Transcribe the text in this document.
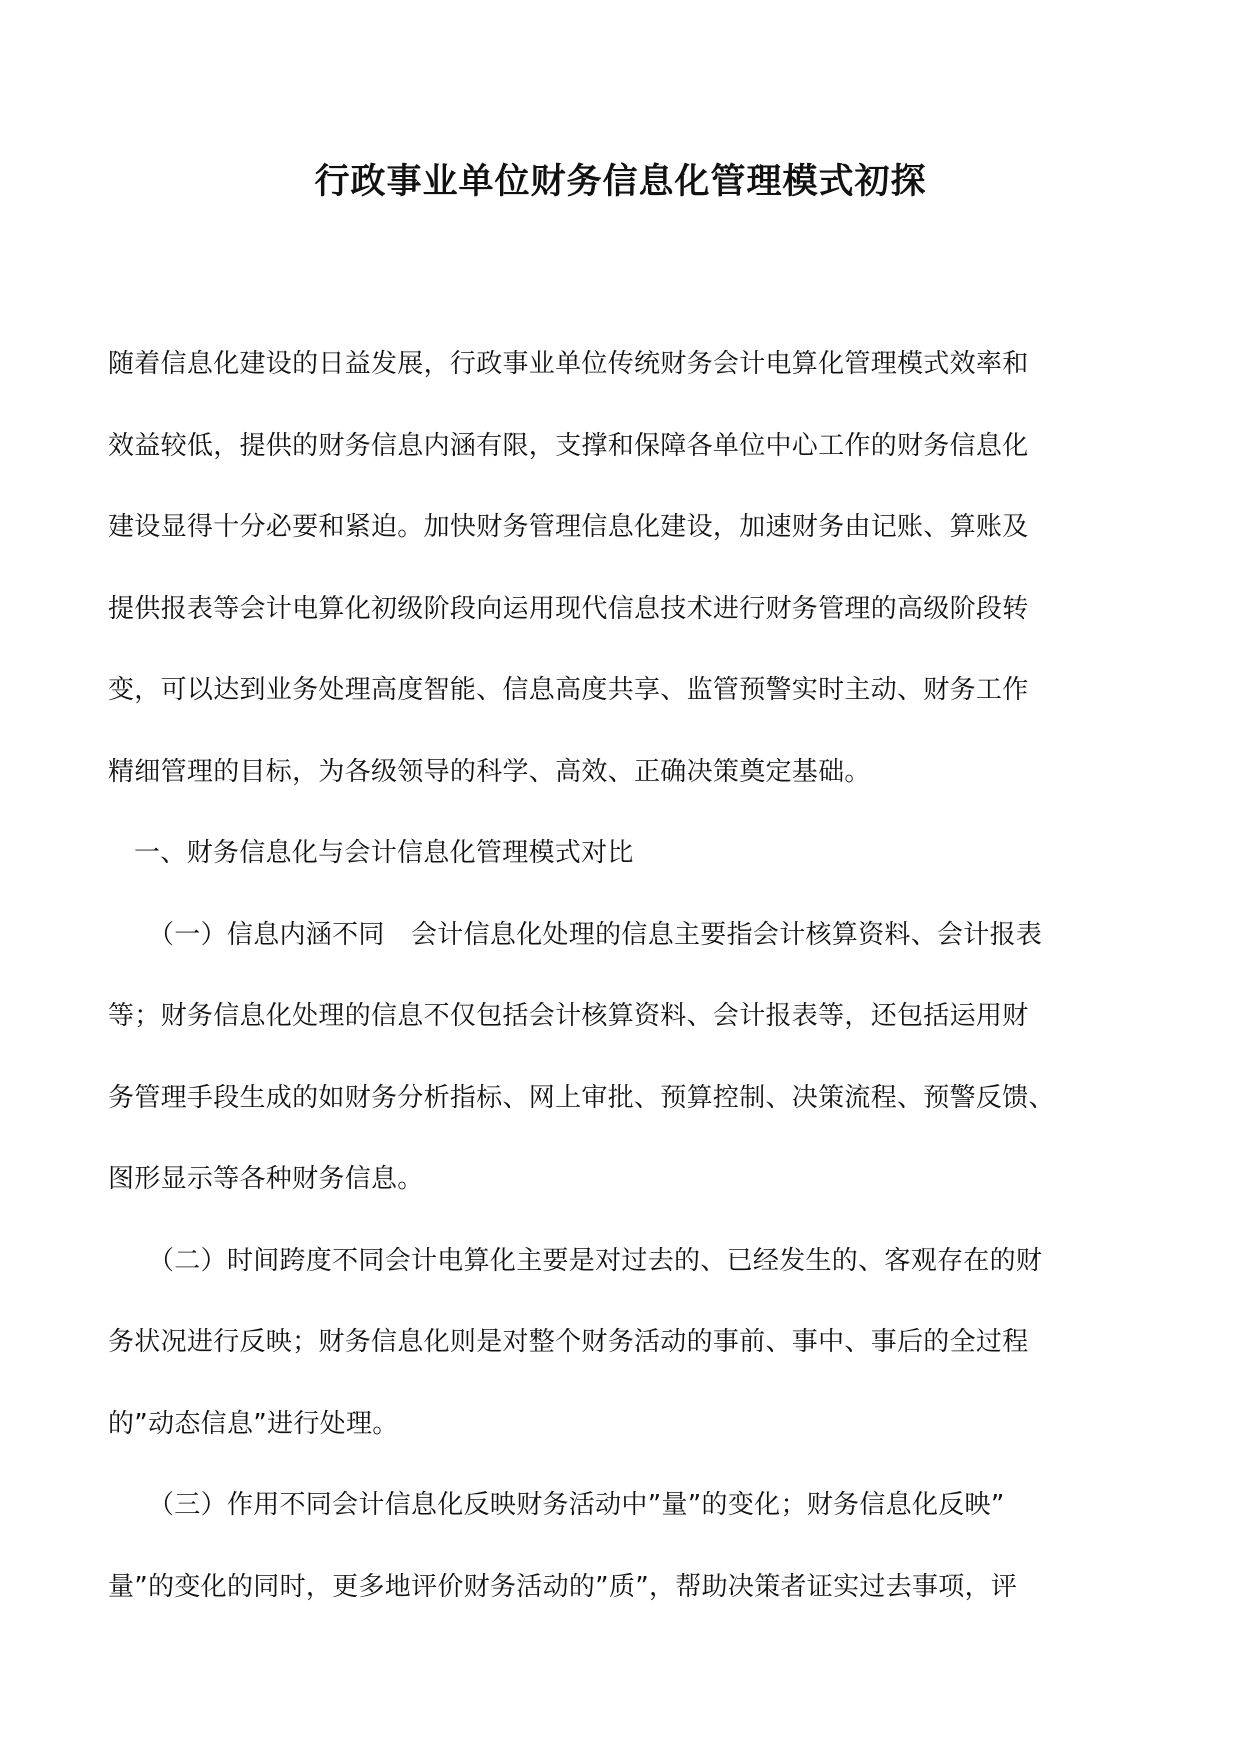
行政事业单位财务信息化管理模式初探
随着信息化建设的日益发展，行政事业单位传统财务会计电算化管理模式效率和
效益较低，提供的财务信息内涵有限，支撑和保障各单位中心工作的财务信息化
建设显得十分必要和紧迫。加快财务管理信息化建设，加速财务由记账、算账及
提供报表等会计电算化初级阶段向运用现代信息技术进行财务管理的高级阶段转
变，可以达到业务处理高度智能、信息高度共享、监管预警实时主动、财务工作
精细管理的目标，为各级领导的科学、高效、正确决策奠定基础。
一、财务信息化与会计信息化管理模式对比
（一）信息内涵不同　会计信息化处理的信息主要指会计核算资料、会计报表
等；财务信息化处理的信息不仅包括会计核算资料、会计报表等，还包括运用财
务管理手段生成的如财务分析指标、网上审批、预算控制、决策流程、预警反馈、
图形显示等各种财务信息。
（二）时间跨度不同会计电算化主要是对过去的、已经发生的、客观存在的财
务状况进行反映；财务信息化则是对整个财务活动的事前、事中、事后的全过程
的”动态信息”进行处理。
（三）作用不同会计信息化反映财务活动中”量”的变化；财务信息化反映”
量”的变化的同时，更多地评价财务活动的”质”，帮助决策者证实过去事项，评
